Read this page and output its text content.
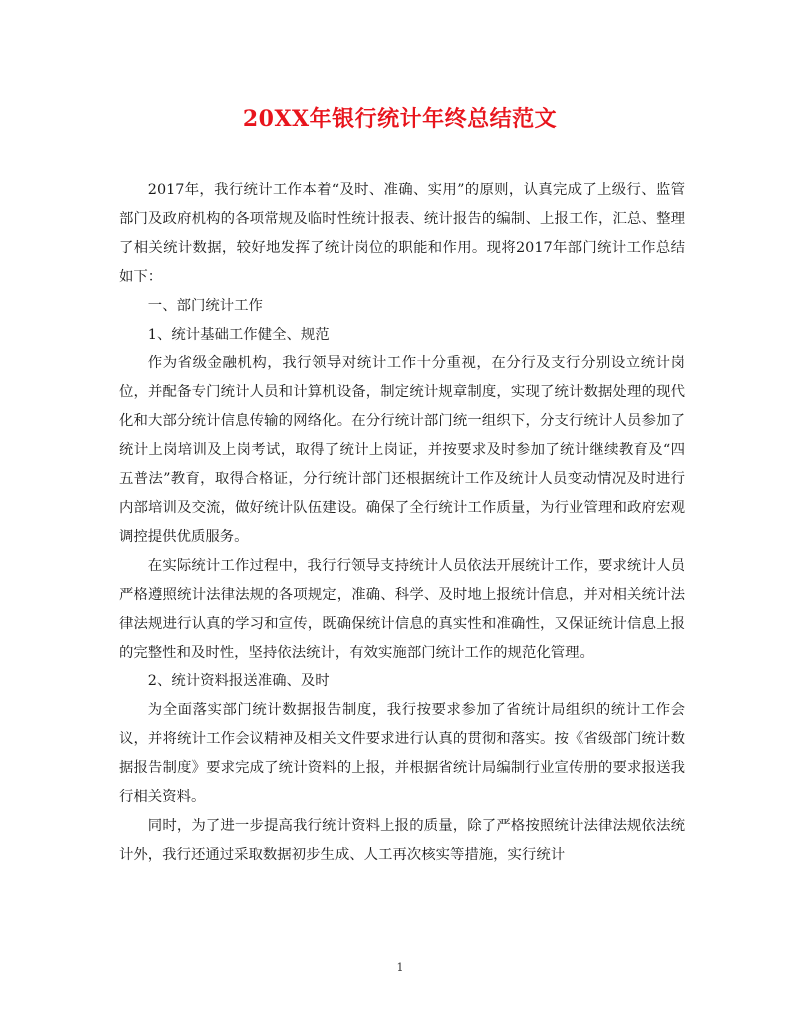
20XX年银行统计年终总结范文

2017年，我行统计工作本着“及时、准确、实用”的原则，认真完成了上级行、监管部门及政府机构的各项常规及临时性统计报表、统计报告的编制、上报工作，汇总、整理了相关统计数据，较好地发挥了统计岗位的职能和作用。现将2017年部门统计工作总结如下：

一、部门统计工作

1、统计基础工作健全、规范

作为省级金融机构，我行领导对统计工作十分重视，在分行及支行分别设立统计岗位，并配备专门统计人员和计算机设备，制定统计规章制度，实现了统计数据处理的现代化和大部分统计信息传输的网络化。在分行统计部门统一组织下，分支行统计人员参加了统计上岗培训及上岗考试，取得了统计上岗证，并按要求及时参加了统计继续教育及“四五普法”教育，取得合格证，分行统计部门还根据统计工作及统计人员变动情况及时进行内部培训及交流，做好统计队伍建设。确保了全行统计工作质量，为行业管理和政府宏观调控提供优质服务。

在实际统计工作过程中，我行行领导支持统计人员依法开展统计工作，要求统计人员严格遵照统计法律法规的各项规定，准确、科学、及时地上报统计信息，并对相关统计法律法规进行认真的学习和宣传，既确保统计信息的真实性和准确性，又保证统计信息上报的完整性和及时性，坚持依法统计，有效实施部门统计工作的规范化管理。

2、统计资料报送准确、及时

为全面落实部门统计数据报告制度，我行按要求参加了省统计局组织的统计工作会议，并将统计工作会议精神及相关文件要求进行认真的贯彻和落实。按《省级部门统计数据报告制度》要求完成了统计资料的上报，并根据省统计局编制行业宣传册的要求报送我行相关资料。

同时，为了进一步提高我行统计资料上报的质量，除了严格按照统计法律法规依法统计外，我行还通过采取数据初步生成、人工再次核实等措施，实行统计

1
